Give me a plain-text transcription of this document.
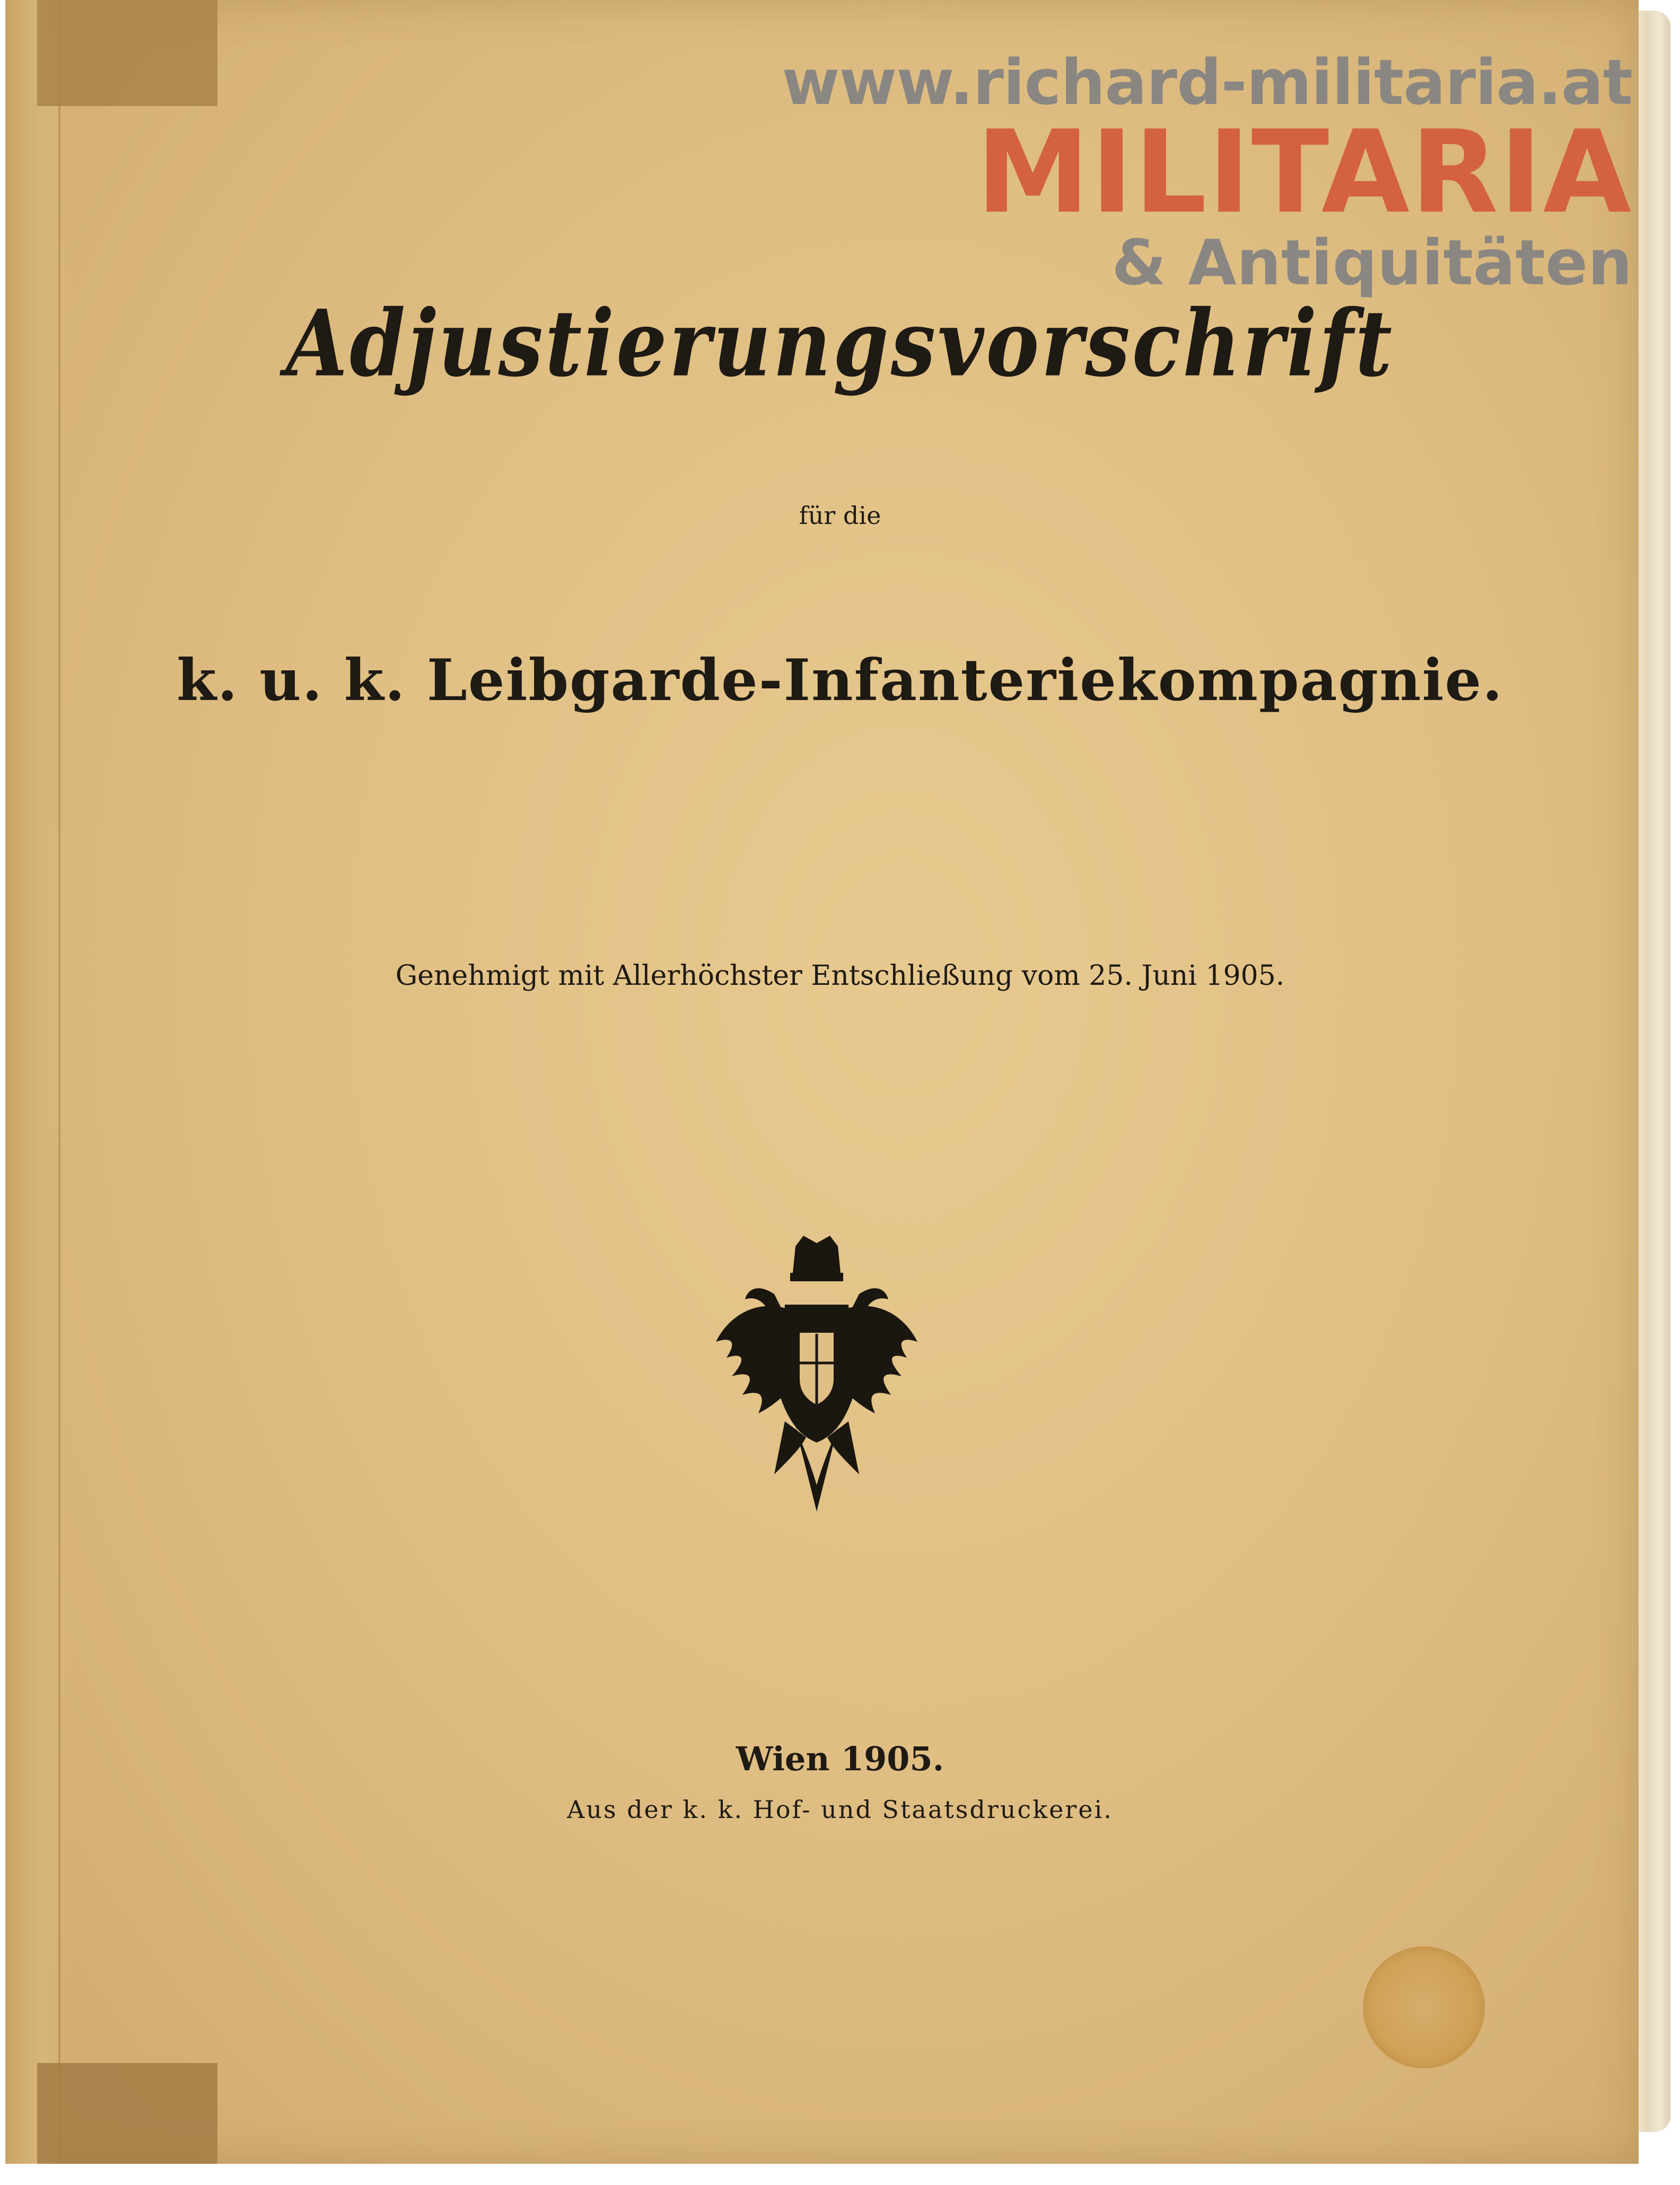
www.richard-militaria.at
MILITARIA
& Antiquitäten
Adjustierungsvorschrift
für die
k. u. k. Leibgarde-Infanteriekompagnie.
Genehmigt mit Allerhöchster Entschließung vom 25. Juni 1905.
Wien 1905.
Aus der k. k. Hof- und Staatsdruckerei.
